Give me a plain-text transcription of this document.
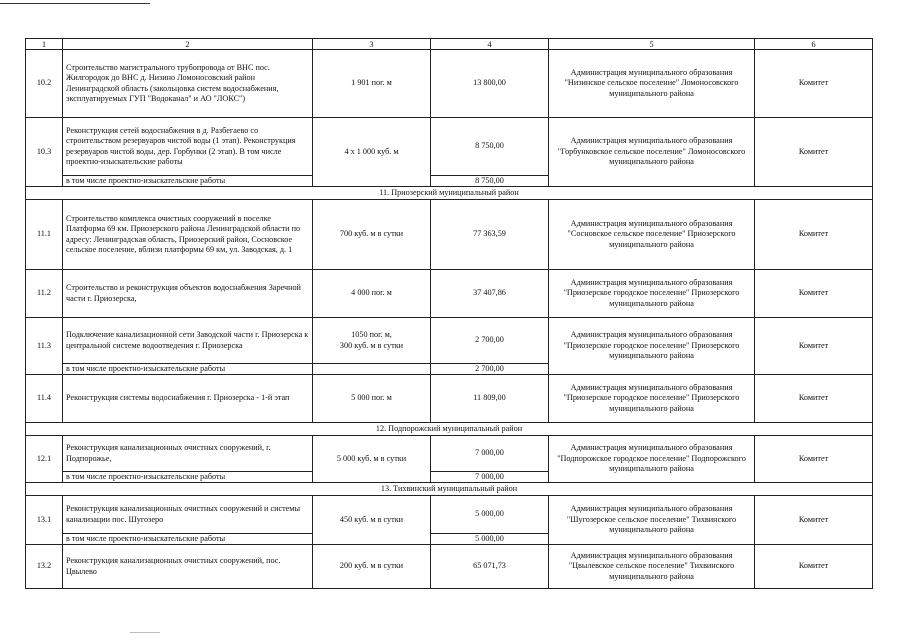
1	2	3	4	5	6
10.2	Строительство магистрального трубопровода от ВНС пос. Жилгородок до ВНС д. Низино Ломоносовский район Ленинградской область (закольцовка систем водоснабжения, эксплуатируемых ГУП "Водоканал" и АО "ЛОКС")	1 901 пог. м	13 800,00	Администрация муниципального образования "Низинское сельское поселение" Ломоносовского муниципального района	Комитет
10.3	Реконструкция сетей водоснабжения в д. Разбегаево со строительством резервуаров чистой воды (1 этап). Реконструкция резервуаров чистой воды, дер. Горбунки (2 этап). В том числе проектно-изыскательские работы	4 x 1 000 куб. м	8 750,00	Администрация муниципального образования "Горбунковское сельское поселение" Ломоносовского муниципального района	Комитет
	в том числе проектно-изыскательские работы		8 750,00		
11. Приозерский муниципальный район					
11.1	Строительство комплекса очистных сооружений в поселке Платформа 69 км. Приозерского района Ленинградской области по адресу: Ленинградская область, Приозерский район, Сосновское сельское поселение, вблизи платформы 69 км, ул. Заводская, д. 1	700 куб. м в сутки	77 363,59	Администрация муниципального образования "Сосновское сельское поселение" Приозерского муниципального района	Комитет
11.2	Строительство и реконструкция объектов водоснабжения Заречной части г. Приозерска,	4 000 пог. м	37 407,86	Администрация муниципального образования "Приозерское городское поселение" Приозерского муниципального района	Комитет
11.3	Подключение канализационной сети Заводской части г. Приозерска к центральной системе водоотведения г. Приозерска	1050 пог. м,
300 куб. м в сутки	2 700,00	Администрация муниципального образования "Приозерское городское поселение" Приозерского муниципального района	Комитет
	в том числе проектно-изыскательские работы		2 700,00		
11.4	Реконструкция системы водоснабжения г. Приозерска - 1-й этап	5 000 пог. м	11 809,00	Администрация муниципального образования "Приозерское городское поселение" Приозерского муниципального района	Комитет
12. Подпорожский муниципальный район					
12.1	Реконструкция канализационных очистных сооружений, г. Подпорожье,	5 000 куб. м в сутки	7 000,00	Администрация муниципального образования "Подпорожское городское поселение" Подпорожского муниципального района	Комитет
	в том числе проектно-изыскательские работы		7 000,00		
13. Тихвинский муниципальный район					
13.1	Реконструкция канализационных очистных сооружений и системы канализации пос. Шугозеро	450 куб. м в сутки	5 000,00	Администрация муниципального образования "Шугозерское сельское поселение" Тихвинского муниципального района	Комитет
	в том числе проектно-изыскательские работы		5 000,00		
13.2	Реконструкция канализационных очистных сооружений, пос. Цвылево	200 куб. м в сутки	65 071,73	Администрация муниципального образования "Цвылевское сельское поселение" Тихвинского муниципального района	Комитет
